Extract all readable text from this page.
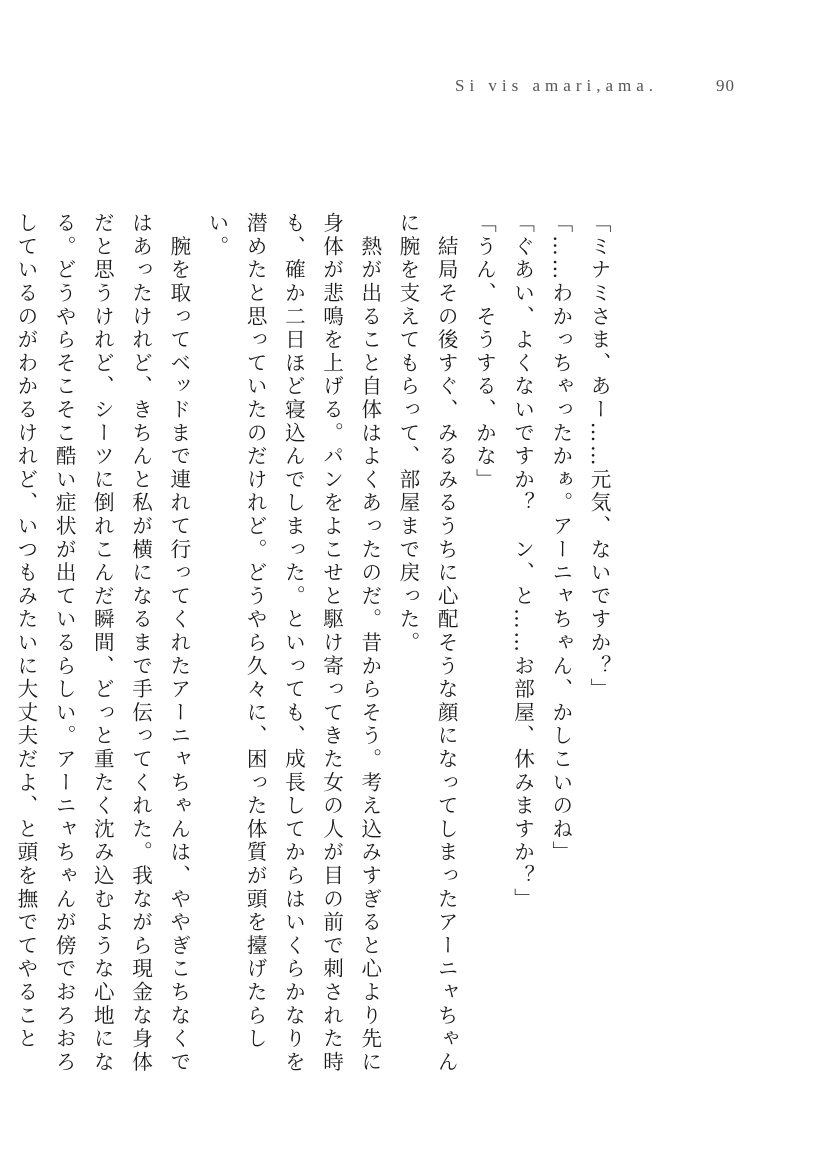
Si vis amari,ama.	90

「ミナミさま、あー……元気、ないですか？」

「……わかっちゃったかぁ。アーニャちゃん、かしこいのね」

「ぐあい、よくないですか？　ン、と……お部屋、休みますか？」

「うん、そうする、かな」

　結局その後すぐ、みるみるうちに心配そうな顔になってしまったアーニャちゃんに腕を支えてもらって、部屋まで戻った。

　熱が出ること自体はよくあったのだ。昔からそう。考え込みすぎると心より先に身体が悲鳴を上げる。パンをよこせと駆け寄ってきた女の人が目の前で刺された時も、確か二日ほど寝込んでしまった。といっても、成長してからはいくらかなりを潜めたと思っていたのだけれど。どうやら久々に、困った体質が頭を擡げたらしい。

　腕を取ってベッドまで連れて行ってくれたアーニャちゃんは、ややぎこちなくではあったけれど、きちんと私が横になるまで手伝ってくれた。我ながら現金な身体だと思うけれど、シーツに倒れこんだ瞬間、どっと重たく沈み込むような心地になる。どうやらそこそこ酷い症状が出ているらしい。アーニャちゃんが傍でおろおろしているのがわかるけれど、いつもみたいに大丈夫だよ、と頭を撫でてやること
